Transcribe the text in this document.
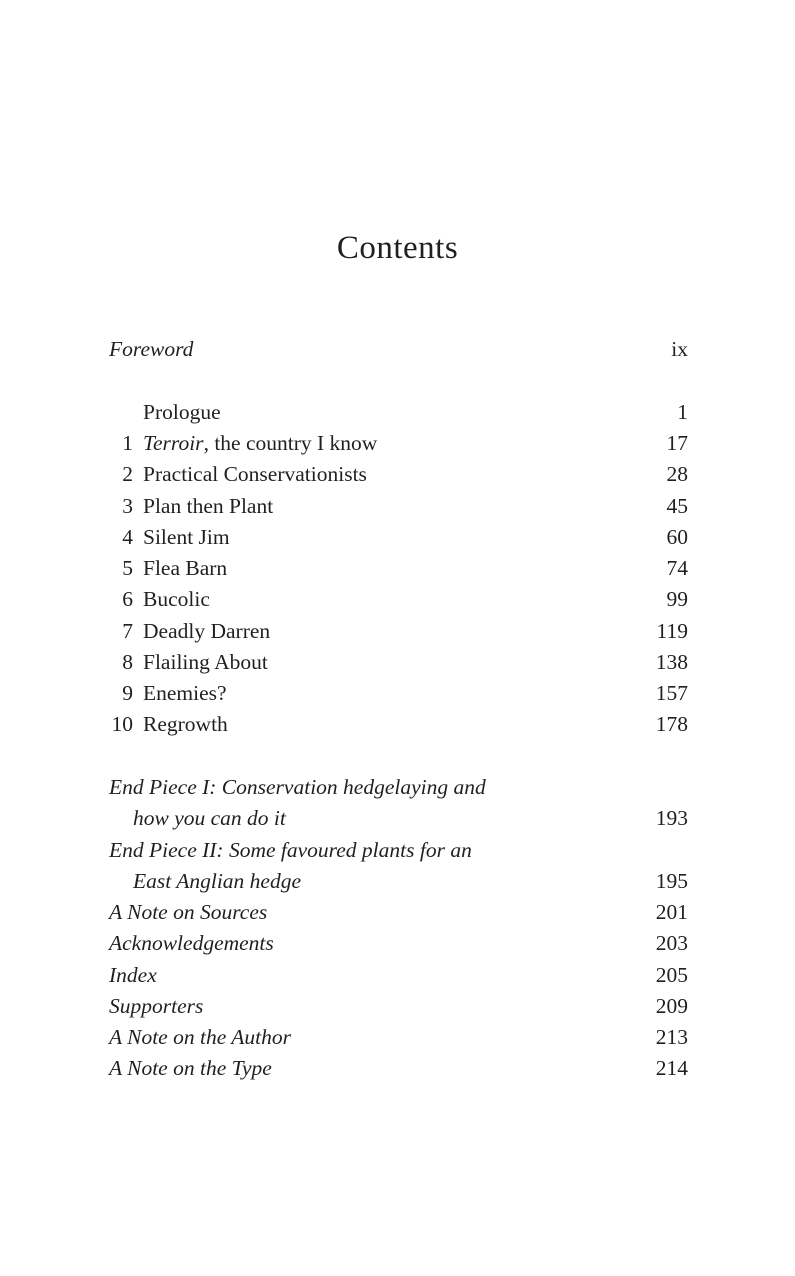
Contents
Foreword	ix
Prologue	1
1 Terroir, the country I know	17
2 Practical Conservationists	28
3 Plan then Plant	45
4 Silent Jim	60
5 Flea Barn	74
6 Bucolic	99
7 Deadly Darren	119
8 Flailing About	138
9 Enemies?	157
10 Regrowth	178
End Piece I: Conservation hedgelaying and
how you can do it	193
End Piece II: Some favoured plants for an
East Anglian hedge	195
A Note on Sources	201
Acknowledgements	203
Index	205
Supporters	209
A Note on the Author	213
A Note on the Type	214
